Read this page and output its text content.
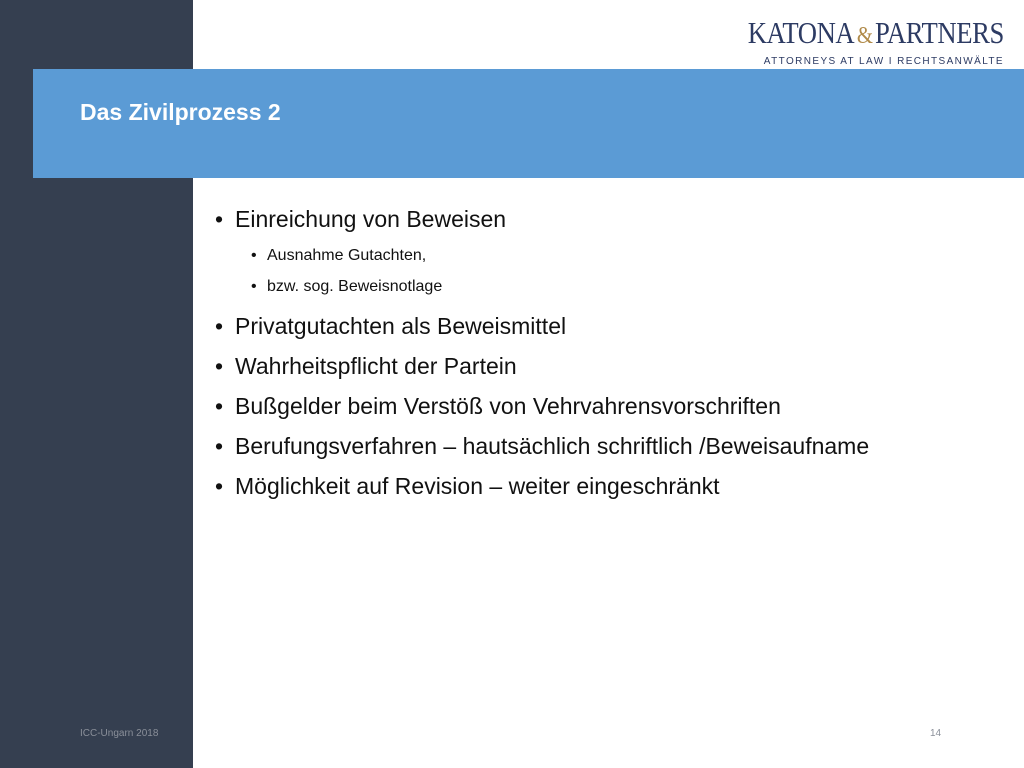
Das Zivilprozess 2
KATONA &PARTNERS
ATTORNEYS AT LAW I RECHTSANWÄLTE
• Einreichung von Beweisen
• Ausnahme Gutachten,
• bzw. sog. Beweisnotlage
• Privatgutachten als Beweismittel
• Wahrheitspflicht der Partein
• Bußgelder beim Verstöß von Vehrvahrensvorschriften
• Berufungsverfahren – hautsächlich schriftlich /Beweisaufname
• Möglichkeit auf Revision – weiter eingeschränkt
ICC-Ungarn 2018	14
